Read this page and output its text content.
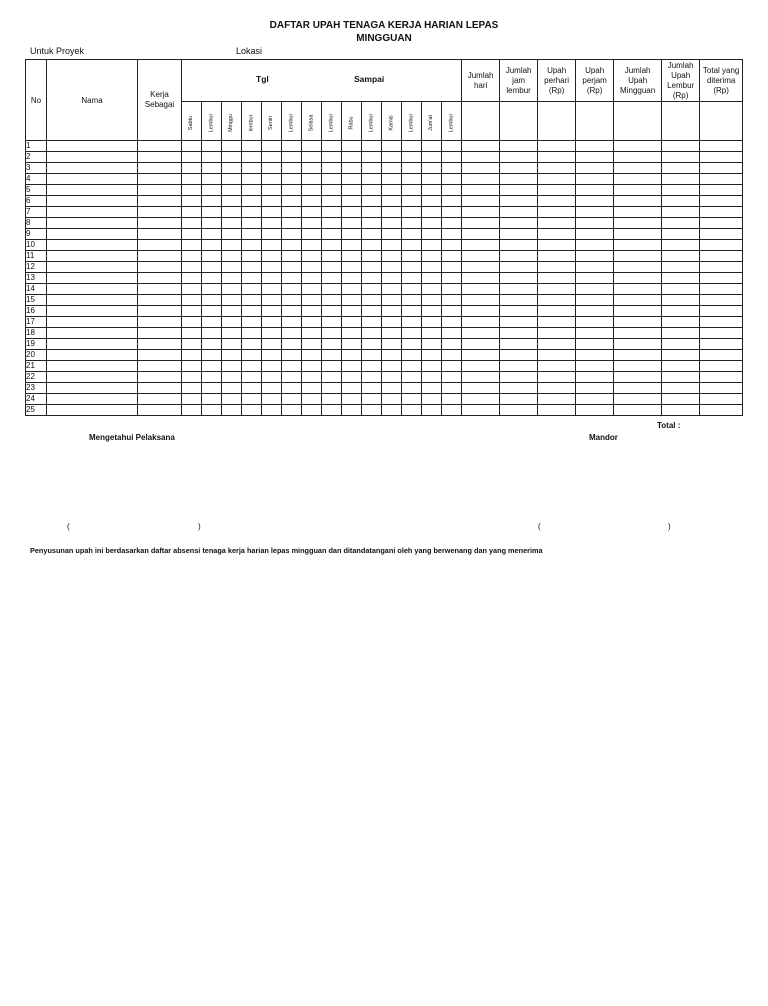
DAFTAR UPAH TENAGA KERJA HARIAN LEPAS
MINGGUAN
Untuk Proyek	Lokasi
No	Nama	Kerja Sebagai	Tgl Sampai														Jumlah hari	Jumlah jam lembur	Upah perhari (Rp)	Upah perjam (Rp)	Jumlah Upah Mingguan	Jumlah Upah Lembur (Rp)	Total yang diterima (Rp)
			Sabtu	Lembur	Minggu	lembur	Senin	Lembur	Selasa	Lembur	Rabu	Lembur	Kamis	Lembur	Jum'at	Lembur							
1																							
2																							
3																							
4																							
5																							
6																							
7																							
8																							
9																							
10																							
11																							
12																							
13																							
14																							
15																							
16																							
17																							
18																							
19																							
20																							
21																							
22																							
23																							
24																							
25																							
Total :
Mengetahui Pelaksana	Mandor
(	)	(	)
Penyusunan upah ini berdasarkan daftar absensi tenaga kerja harian lepas mingguan dan ditandatangani oleh yang berwenang dan yang menerima
